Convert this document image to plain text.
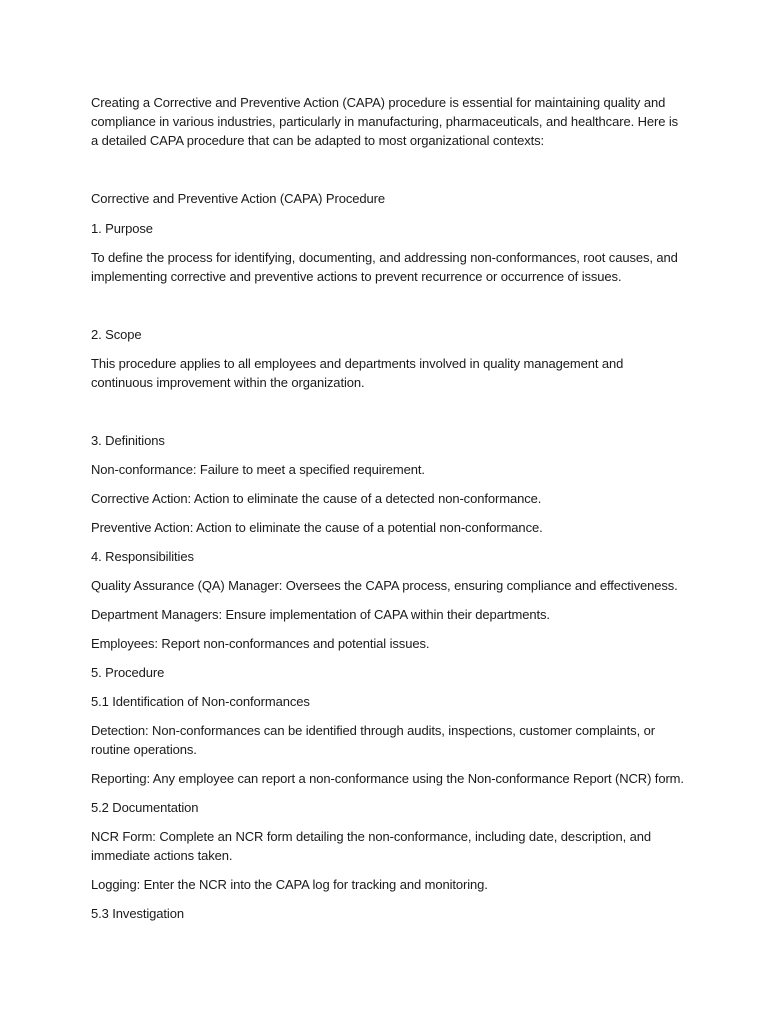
Creating a Corrective and Preventive Action (CAPA) procedure is essential for maintaining quality and compliance in various industries, particularly in manufacturing, pharmaceuticals, and healthcare. Here is a detailed CAPA procedure that can be adapted to most organizational contexts:

Corrective and Preventive Action (CAPA) Procedure

1. Purpose

To define the process for identifying, documenting, and addressing non-conformances, root causes, and implementing corrective and preventive actions to prevent recurrence or occurrence of issues.

2. Scope

This procedure applies to all employees and departments involved in quality management and continuous improvement within the organization.

3. Definitions

Non-conformance: Failure to meet a specified requirement.

Corrective Action: Action to eliminate the cause of a detected non-conformance.

Preventive Action: Action to eliminate the cause of a potential non-conformance.

4. Responsibilities

Quality Assurance (QA) Manager: Oversees the CAPA process, ensuring compliance and effectiveness.

Department Managers: Ensure implementation of CAPA within their departments.

Employees: Report non-conformances and potential issues.

5. Procedure

5.1 Identification of Non-conformances

Detection: Non-conformances can be identified through audits, inspections, customer complaints, or routine operations.

Reporting: Any employee can report a non-conformance using the Non-conformance Report (NCR) form.

5.2 Documentation

NCR Form: Complete an NCR form detailing the non-conformance, including date, description, and immediate actions taken.

Logging: Enter the NCR into the CAPA log for tracking and monitoring.

5.3 Investigation
